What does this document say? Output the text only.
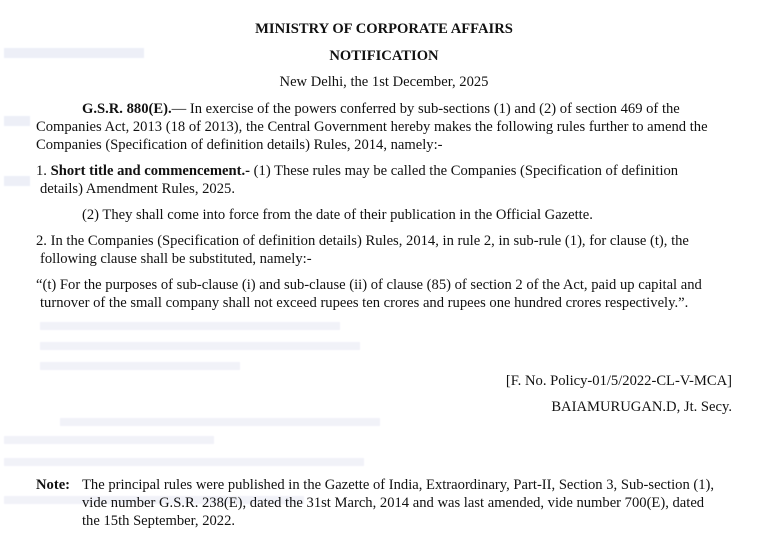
MINISTRY OF CORPORATE AFFAIRS
NOTIFICATION
New Delhi, the 1st December, 2025
G.S.R. 880(E).— In exercise of the powers conferred by sub-sections (1) and (2) of section 469 of the
Companies Act, 2013 (18 of 2013), the Central Government hereby makes the following rules further to amend the
Companies (Specification of definition details) Rules, 2014, namely:-
1. Short title and commencement.- (1) These rules may be called the Companies (Specification of definition
details) Amendment Rules, 2025.
(2) They shall come into force from the date of their publication in the Official Gazette.
2. In the Companies (Specification of definition details) Rules, 2014, in rule 2, in sub-rule (1), for clause (t), the
following clause shall be substituted, namely:-
“(t) For the purposes of sub-clause (i) and sub-clause (ii) of clause (85) of section 2 of the Act, paid up capital and
turnover of the small company shall not exceed rupees ten crores and rupees one hundred crores respectively.”.
[F. No. Policy-01/5/2022-CL-V-MCA]
BAIAMURUGAN.D, Jt. Secy.
Note: The principal rules were published in the Gazette of India, Extraordinary, Part-II, Section 3, Sub-section (1),
vide number G.S.R. 238(E), dated the 31st March, 2014 and was last amended, vide number 700(E), dated
the 15th September, 2022.
